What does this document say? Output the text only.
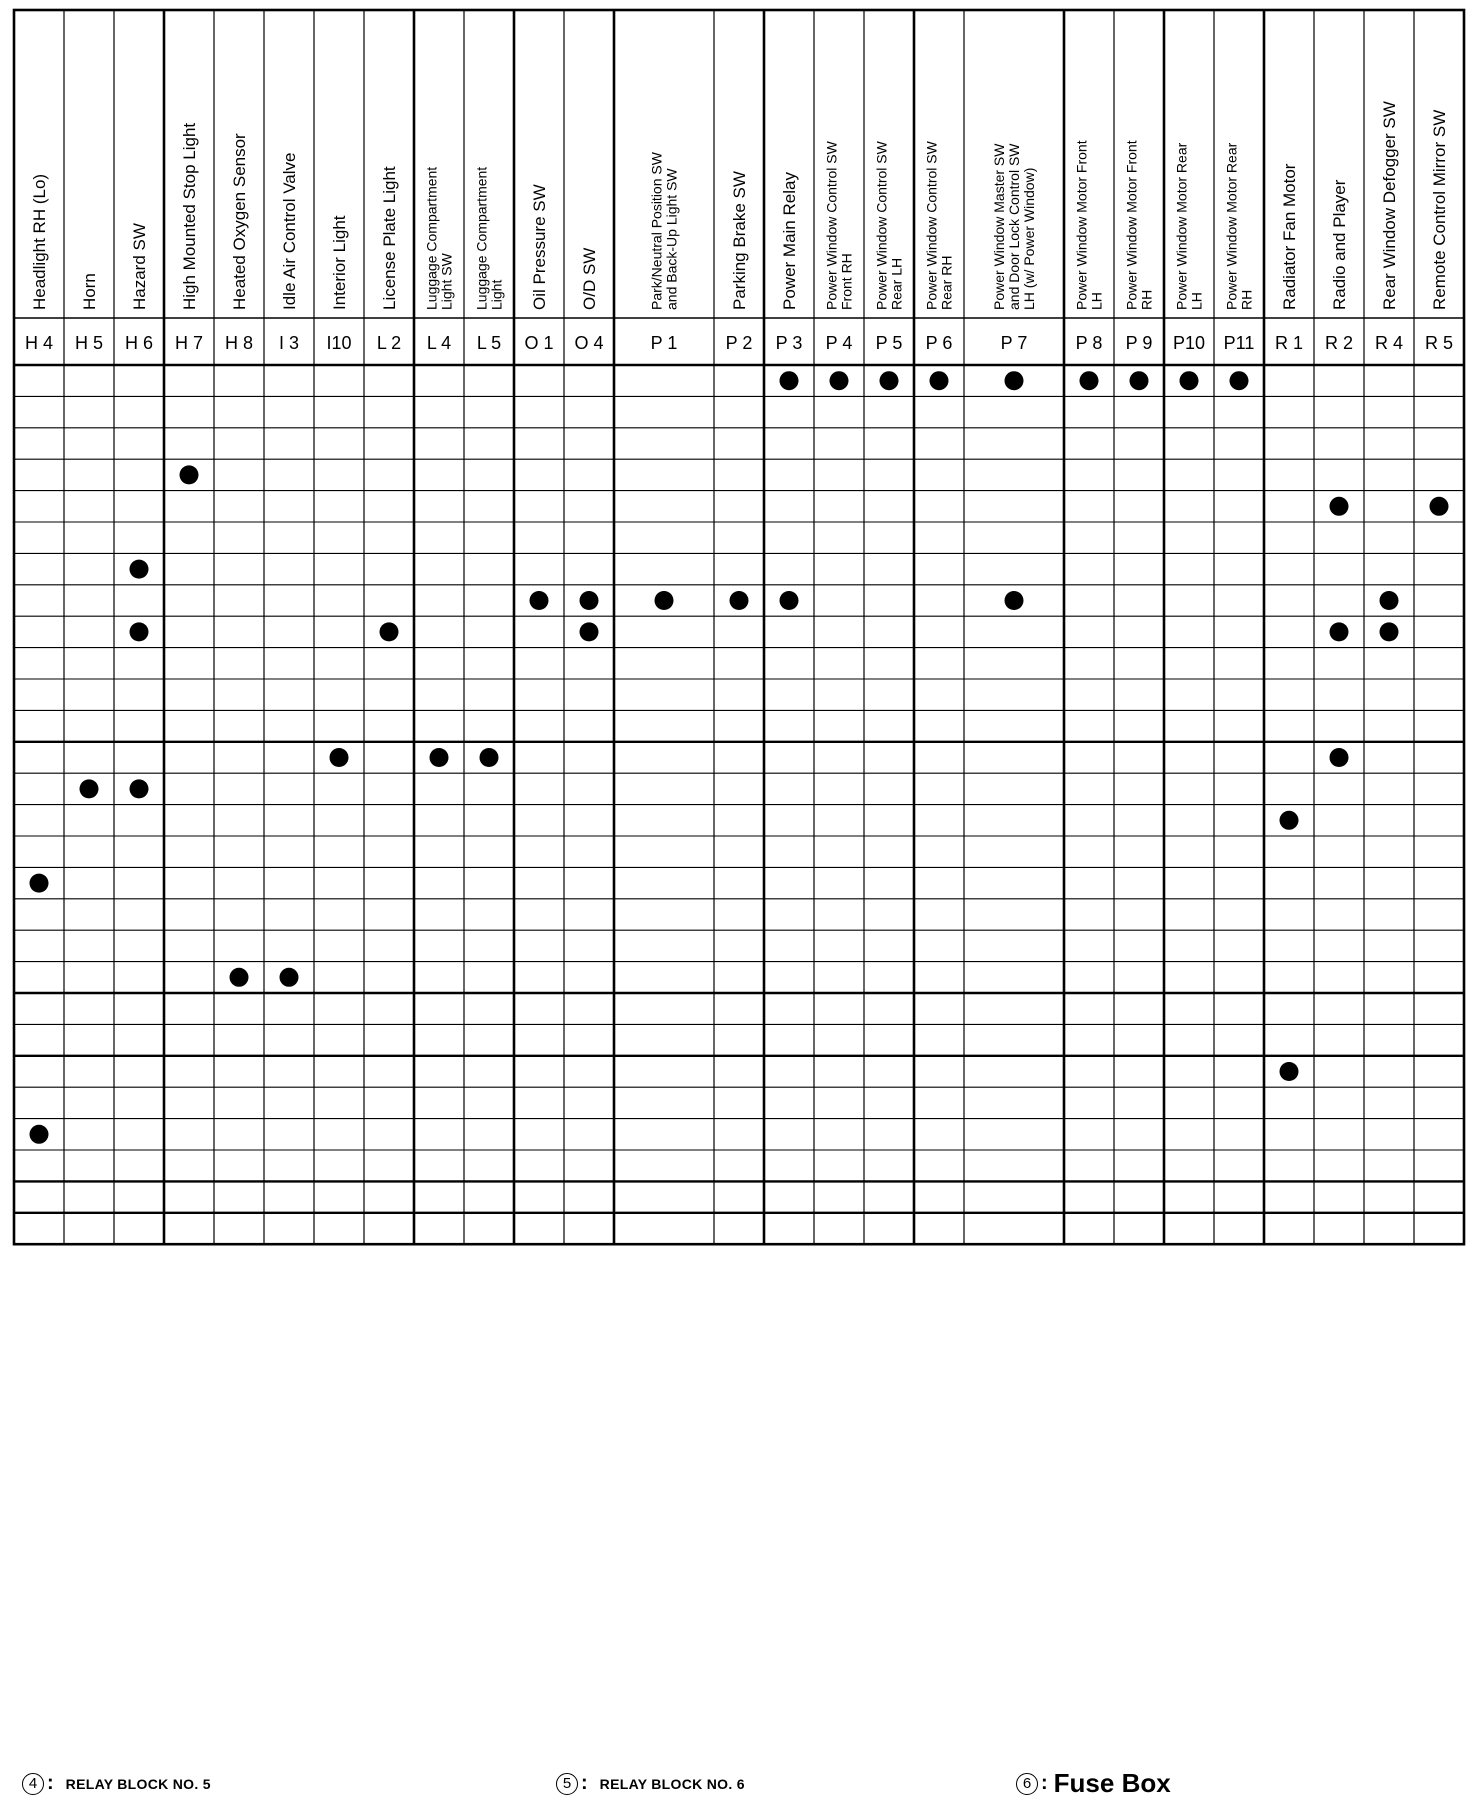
Headlight RH (Lo)
H 4
Horn
H 5
Hazard SW
H 6
High Mounted Stop Light
H 7
Heated Oxygen Sensor
H 8
Idle Air Control Valve
I 3
Interior Light
I10
License Plate Light
L 2
Luggage Compartment Light SW
L 4
Luggage Compartment Light
L 5
Oil Pressure SW
O 1
O/D SW
O 4
Park/Neutral Position SW and Back-Up Light SW
P 1
Parking Brake SW
P 2
Power Main Relay
P 3
Power Window Control SW Front RH
P 4
Power Window Control SW Rear LH
P 5
Power Window Control SW Rear RH
P 6
Power Window Master SW and Door Lock Control SW LH (w/ Power Window)
P 7
Power Window Motor Front LH
P 8
Power Window Motor Front RH
P 9
Power Window Motor Rear LH
P10
Power Window Motor Rear RH
P11
Radiator Fan Motor
R 1
Radio and Player
R 2
Rear Window Defogger SW
R 4
Remote Control Mirror SW
R 5
4 : RELAY BLOCK NO. 5	5 : RELAY BLOCK NO. 6	6 : Fuse Box
